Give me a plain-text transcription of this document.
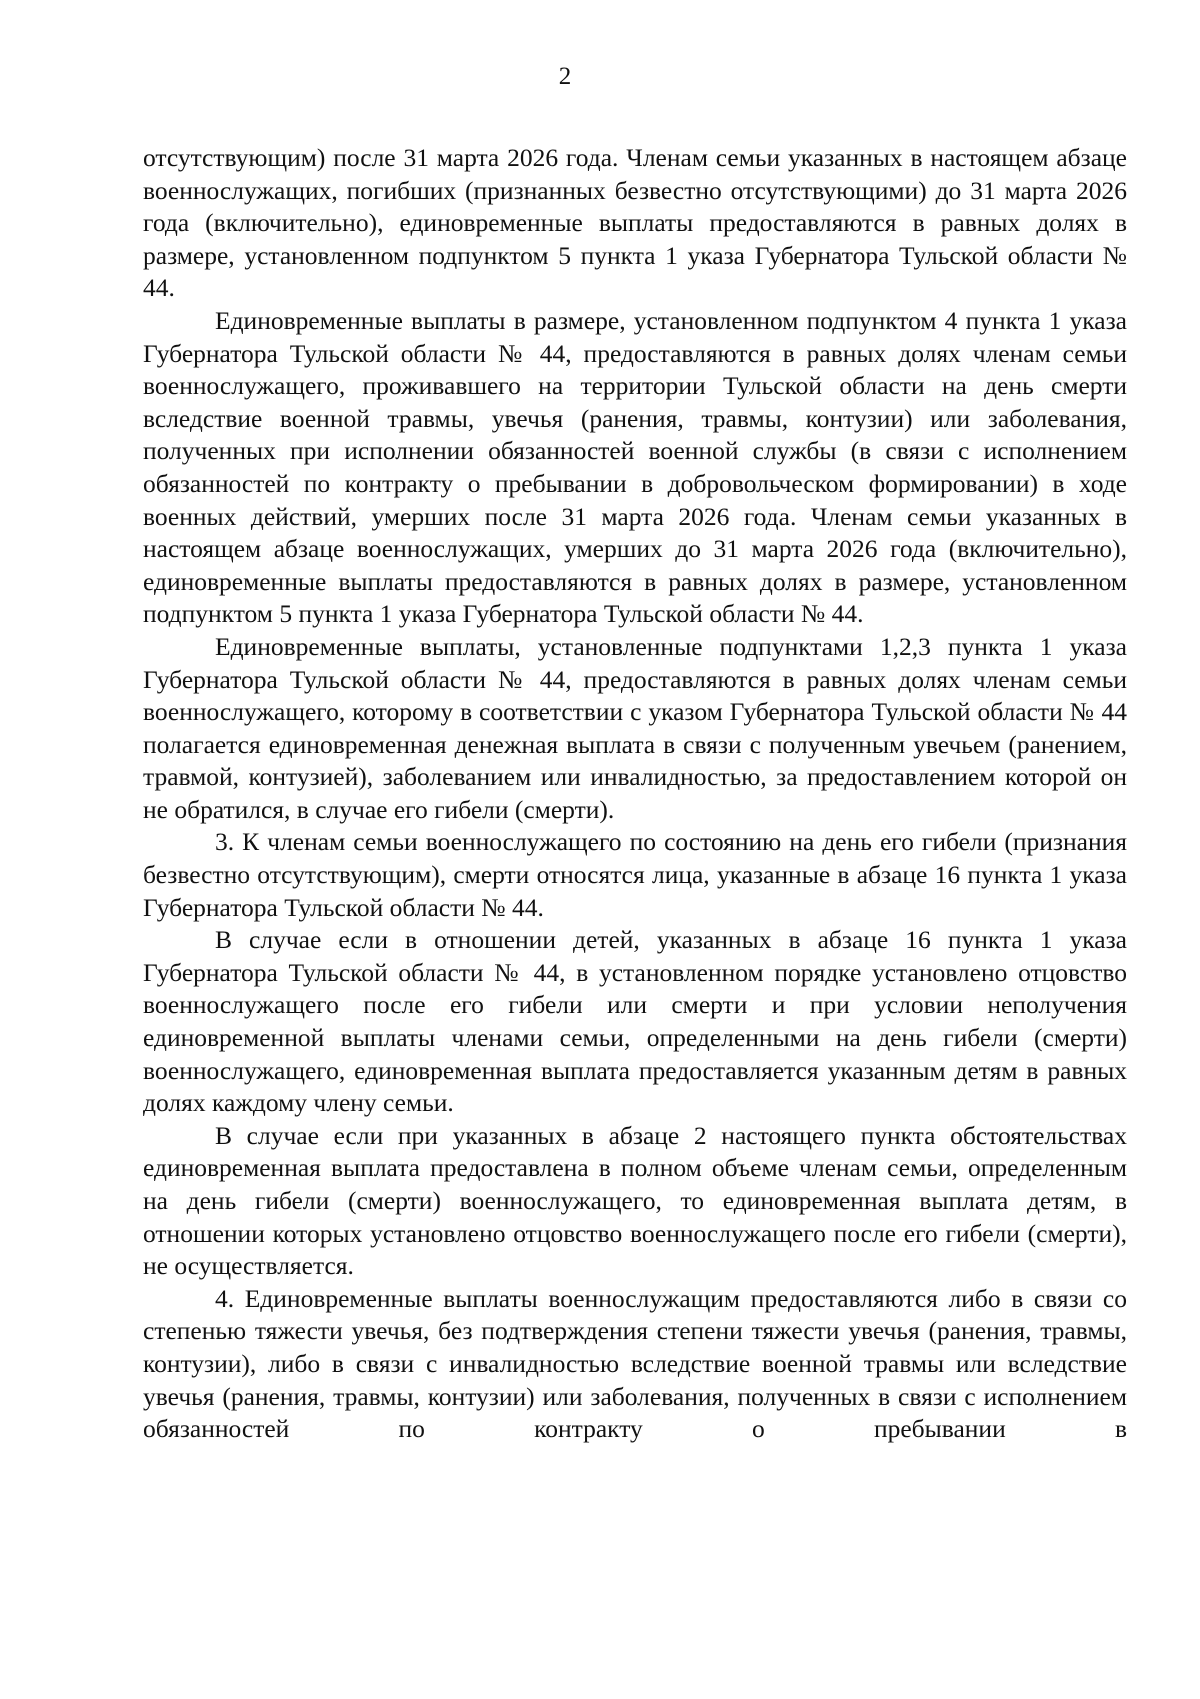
2

отсутствующим) после 31 марта 2026 года. Членам семьи указанных в настоящем абзаце военнослужащих, погибших (признанных безвестно отсутствующими) до 31 марта 2026 года (включительно), единовременные выплаты предоставляются в равных долях в размере, установленном подпунктом 5 пункта 1 указа Губернатора Тульской области № 44.

Единовременные выплаты в размере, установленном подпунктом 4 пункта 1 указа Губернатора Тульской области № 44, предоставляются в равных долях членам семьи военнослужащего, проживавшего на территории Тульской области на день смерти вследствие военной травмы, увечья (ранения, травмы, контузии) или заболевания, полученных при исполнении обязанностей военной службы (в связи с исполнением обязанностей по контракту о пребывании в добровольческом формировании) в ходе военных действий, умерших после 31 марта 2026 года. Членам семьи указанных в настоящем абзаце военнослужащих, умерших до 31 марта 2026 года (включительно), единовременные выплаты предоставляются в равных долях в размере, установленном подпунктом 5 пункта 1 указа Губернатора Тульской области № 44.

Единовременные выплаты, установленные подпунктами 1,2,3 пункта 1 указа Губернатора Тульской области № 44, предоставляются в равных долях членам семьи военнослужащего, которому в соответствии с указом Губернатора Тульской области № 44 полагается единовременная денежная выплата в связи с полученным увечьем (ранением, травмой, контузией), заболеванием или инвалидностью, за предоставлением которой он не обратился, в случае его гибели (смерти).

3. К членам семьи военнослужащего по состоянию на день его гибели (признания безвестно отсутствующим), смерти относятся лица, указанные в абзаце 16 пункта 1 указа Губернатора Тульской области № 44.

В случае если в отношении детей, указанных в абзаце 16 пункта 1 указа Губернатора Тульской области № 44, в установленном порядке установлено отцовство военнослужащего после его гибели или смерти и при условии неполучения единовременной выплаты членами семьи, определенными на день гибели (смерти) военнослужащего, единовременная выплата предоставляется указанным детям в равных долях каждому члену семьи.

В случае если при указанных в абзаце 2 настоящего пункта обстоятельствах единовременная выплата предоставлена в полном объеме членам семьи, определенным на день гибели (смерти) военнослужащего, то единовременная выплата детям, в отношении которых установлено отцовство военнослужащего после его гибели (смерти), не осуществляется.

4. Единовременные выплаты военнослужащим предоставляются либо в связи со степенью тяжести увечья, без подтверждения степени тяжести увечья (ранения, травмы, контузии), либо в связи с инвалидностью вследствие военной травмы или вследствие увечья (ранения, травмы, контузии) или заболевания, полученных в связи с исполнением обязанностей по контракту о пребывании в
